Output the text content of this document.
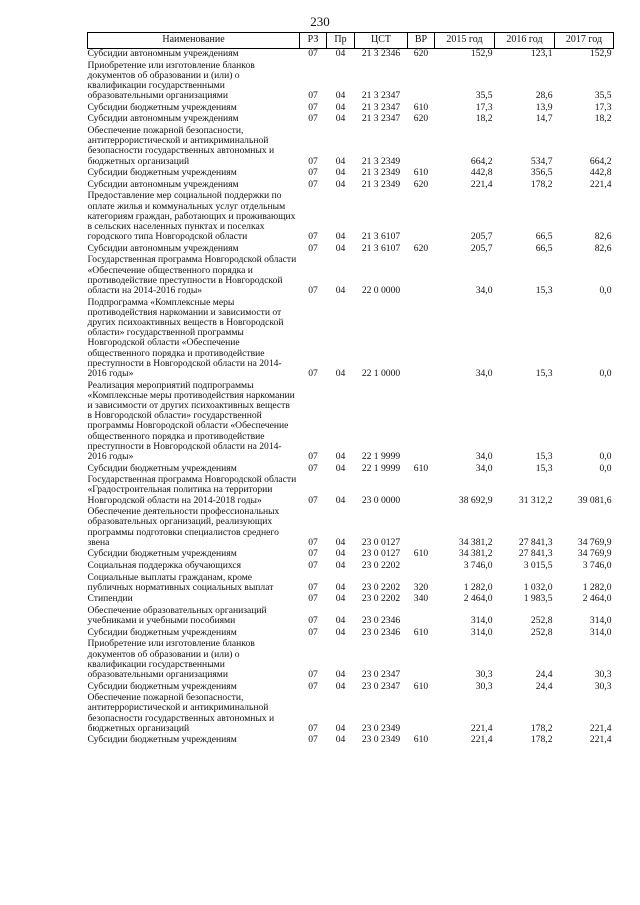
230
Наименование	РЗ	Пр	ЦСТ	ВР	2015 год	2016 год	2017 год

Субсидии автономным учреждениям	07	04	21 3 2346	620	152,9	123,1	152,9

Приобретение или изготовление бланков документов об образовании и (или) о квалификации государственными образовательными организациями	07	04	21 3 2347		35,5	28,6	35,5

Субсидии бюджетным учреждениям	07	04	21 3 2347	610	17,3	13,9	17,3

Субсидии автономным учреждениям	07	04	21 3 2347	620	18,2	14,7	18,2

Обеспечение пожарной безопасности, антитеррористической и антикриминальной безопасности государственных автономных и бюджетных организаций	07	04	21 3 2349		664,2	534,7	664,2

Субсидии бюджетным учреждениям	07	04	21 3 2349	610	442,8	356,5	442,8

Субсидии автономным учреждениям	07	04	21 3 2349	620	221,4	178,2	221,4

Предоставление мер социальной поддержки по оплате жилья и коммунальных услуг отдельным категориям граждан, работающих и проживающих в сельских населенных пунктах и поселках городского типа Новгородской области	07	04	21 3 6107		205,7	66,5	82,6

Субсидии автономным учреждениям	07	04	21 3 6107	620	205,7	66,5	82,6

Государственная программа Новгородской области «Обеспечение общественного порядка и противодействие преступности в Новгородской области на 2014-2016 годы»	07	04	22 0 0000		34,0	15,3	0,0

Подпрограмма «Комплексные меры противодействия наркомании и зависимости от других психоактивных веществ в Новгородской области» государственной программы Новгородской области «Обеспечение общественного порядка и противодействие преступности в Новгородской области на 2014-2016 годы»	07	04	22 1 0000		34,0	15,3	0,0

Реализация мероприятий подпрограммы «Комплексные меры противодействия наркомании и зависимости от других психоактивных веществ в Новгородской области» государственной программы Новгородской области «Обеспечение общественного порядка и противодействие преступности в Новгородской области на 2014-2016 годы»	07	04	22 1 9999		34,0	15,3	0,0

Субсидии бюджетным учреждениям	07	04	22 1 9999	610	34,0	15,3	0,0

Государственная программа Новгородской области «Градостроительная политика на территории Новгородской области на 2014-2018 годы»	07	04	23 0 0000		38 692,9	31 312,2	39 081,6

Обеспечение деятельности профессиональных образовательных организаций, реализующих программы подготовки специалистов среднего звена	07	04	23 0 0127		34 381,2	27 841,3	34 769,9

Субсидии бюджетным учреждениям	07	04	23 0 0127	610	34 381,2	27 841,3	34 769,9

Социальная поддержка обучающихся	07	04	23 0 2202		3 746,0	3 015,5	3 746,0

Социальные выплаты гражданам, кроме публичных нормативных социальных выплат	07	04	23 0 2202	320	1 282,0	1 032,0	1 282,0

Стипендии	07	04	23 0 2202	340	2 464,0	1 983,5	2 464,0

Обеспечение образовательных организаций учебниками и учебными пособиями	07	04	23 0 2346		314,0	252,8	314,0

Субсидии бюджетным учреждениям	07	04	23 0 2346	610	314,0	252,8	314,0

Приобретение или изготовление бланков документов об образовании и (или) о квалификации государственными образовательными организациями	07	04	23 0 2347		30,3	24,4	30,3

Субсидии бюджетным учреждениям	07	04	23 0 2347	610	30,3	24,4	30,3

Обеспечение пожарной безопасности, антитеррористической и антикриминальной безопасности государственных автономных и бюджетных организаций	07	04	23 0 2349		221,4	178,2	221,4

Субсидии бюджетным учреждениям	07	04	23 0 2349	610	221,4	178,2	221,4
